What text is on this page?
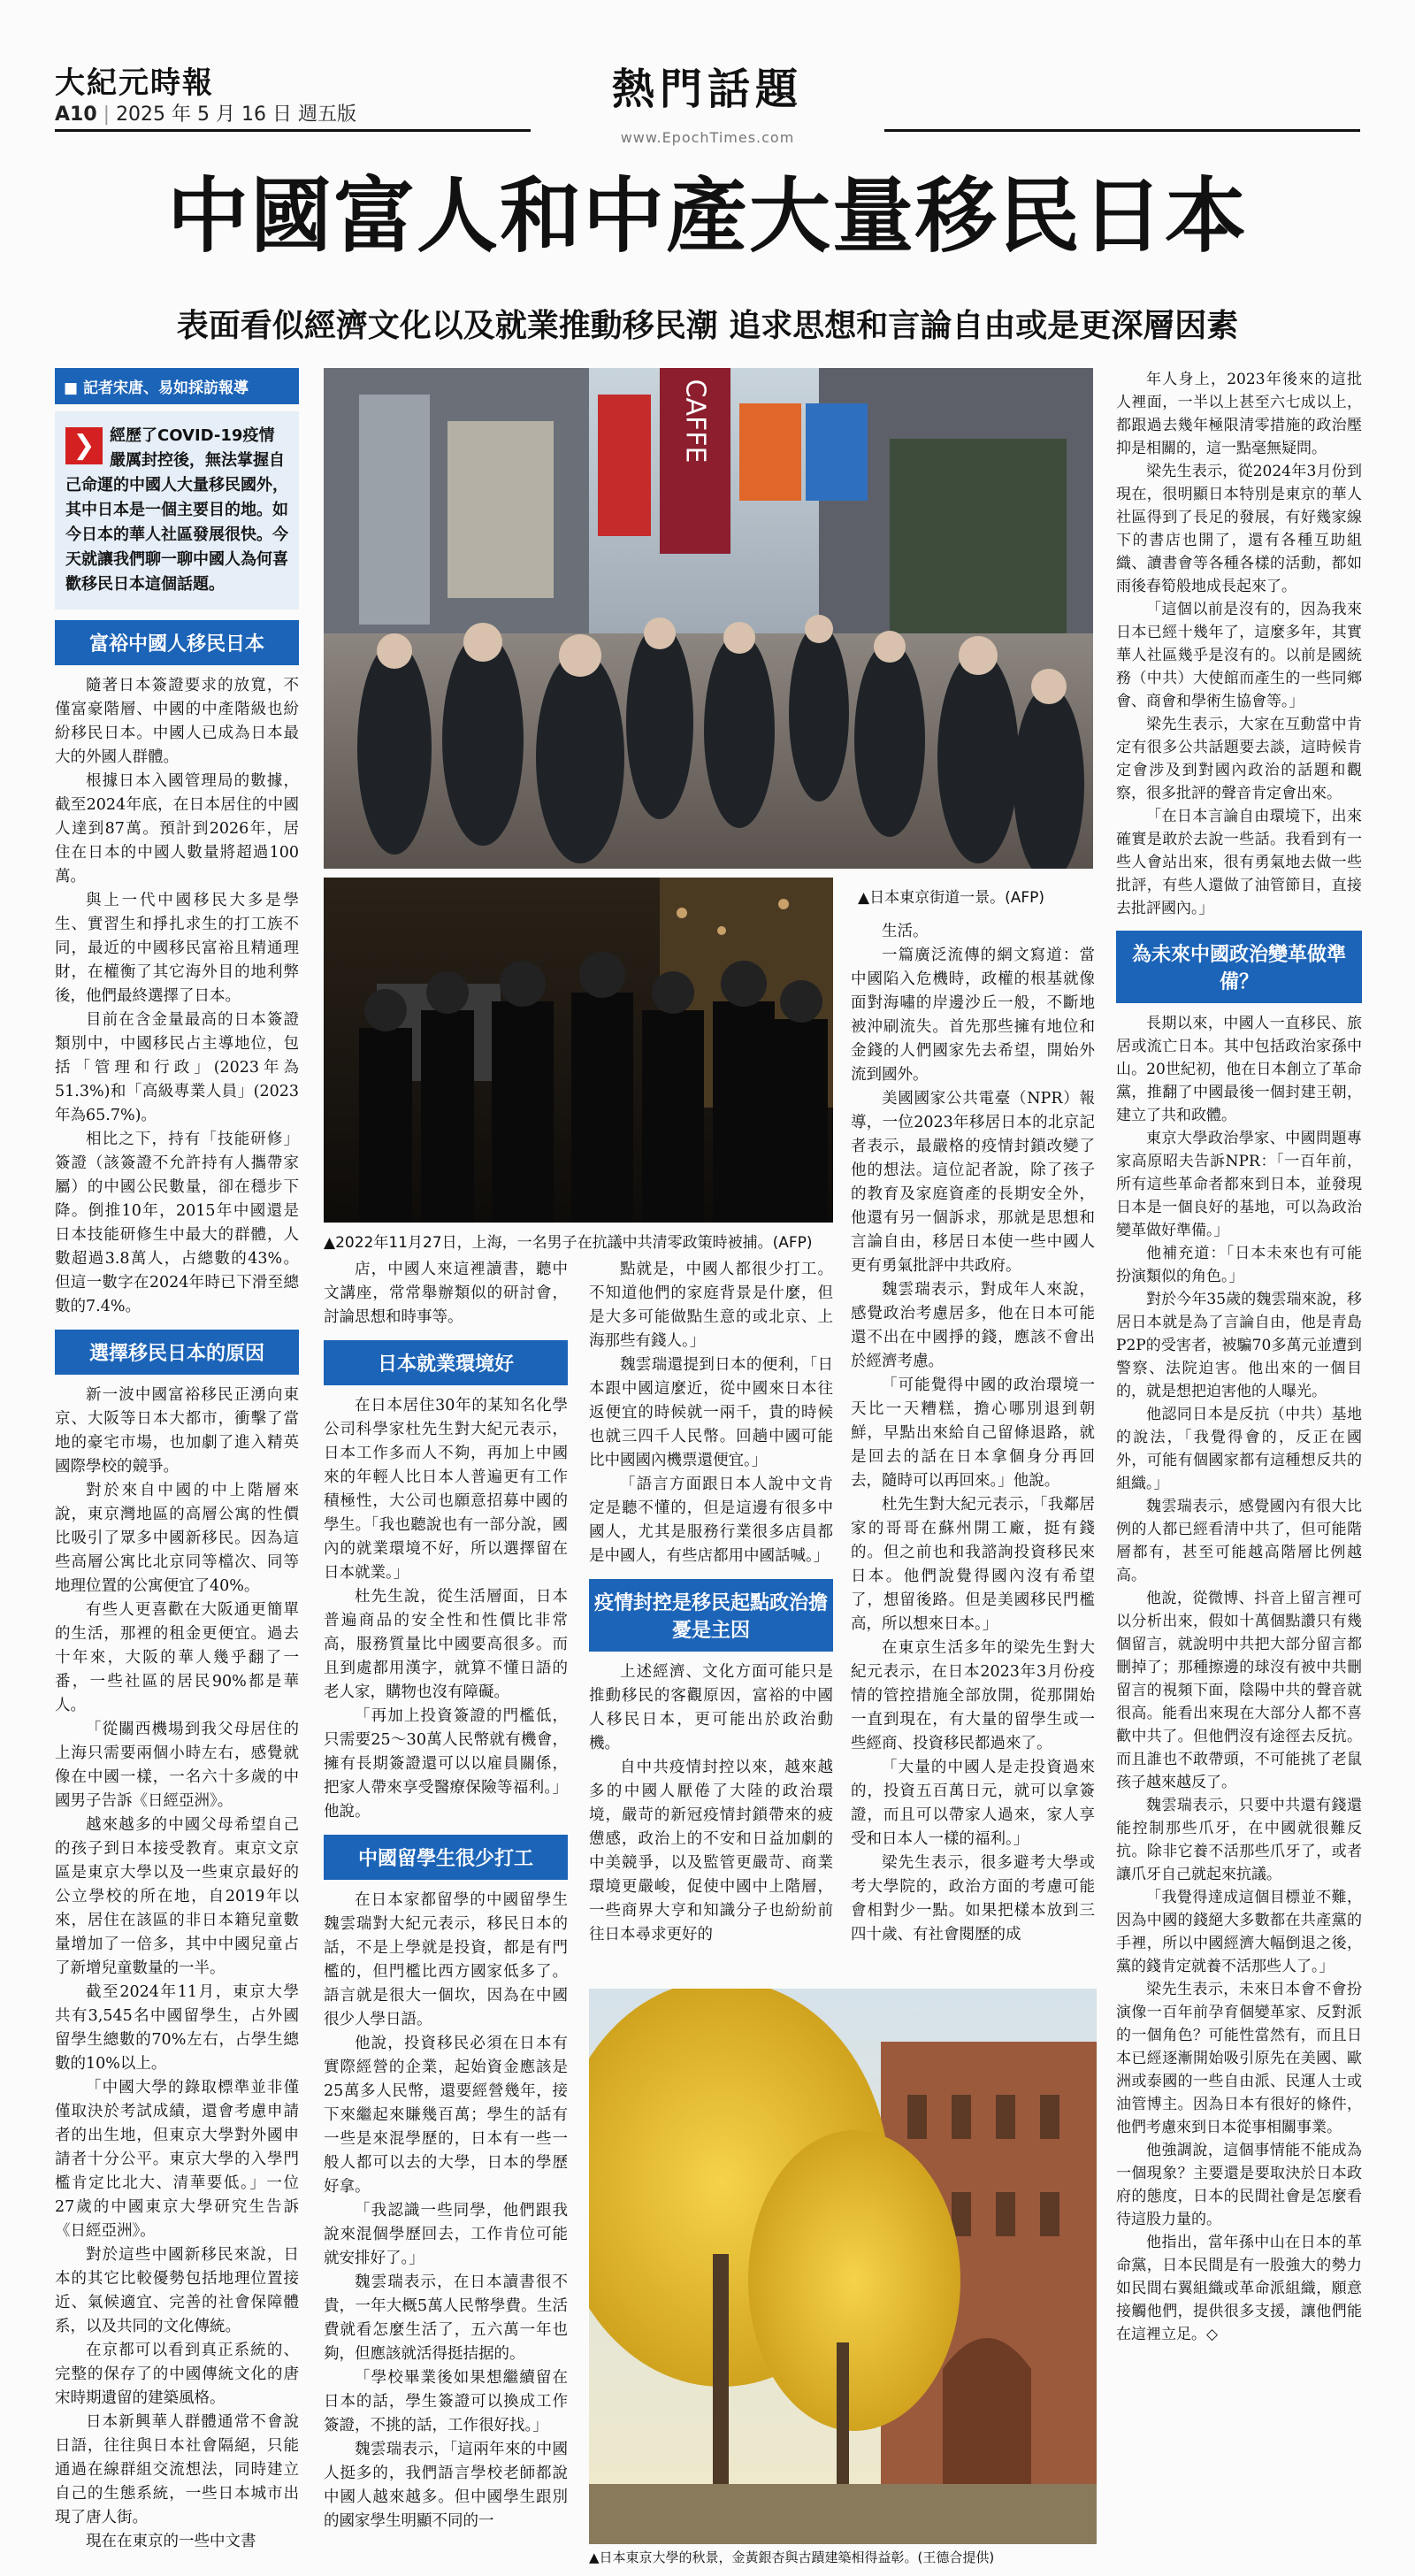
大紀元時報
A10 | 2025 年 5 月 16 日 週五版
熱門話題
www.EpochTimes.com
中國富人和中產大量移民日本
表面看似經濟文化以及就業推動移民潮 追求思想和言論自由或是更深層因素
■ 記者宋唐、易如採訪報導
❯ 經歷了COVID-19疫情嚴厲封控後，無法掌握自己命運的中國人大量移民國外，其中日本是一個主要目的地。如今日本的華人社區發展很快。今天就讓我們聊一聊中國人為何喜歡移民日本這個話題。
富裕中國人移民日本

隨著日本簽證要求的放寬，不僅富豪階層、中國的中產階級也紛紛移民日本。中國人已成為日本最大的外國人群體。

根據日本入國管理局的數據，截至2024年底，在日本居住的中國人達到87萬。預計到2026年，居住在日本的中國人數量將超過100萬。

與上一代中國移民大多是學生、實習生和掙扎求生的打工族不同，最近的中國移民富裕且精通理財，在權衡了其它海外目的地利弊後，他們最終選擇了日本。

目前在含金量最高的日本簽證類別中，中國移民占主導地位，包括「管理和行政」(2023年為51.3%)和「高級專業人員」(2023年為65.7%)。

相比之下，持有「技能研修」簽證（該簽證不允許持有人攜帶家屬）的中國公民數量，卻在穩步下降。倒推10年，2015年中國還是日本技能研修生中最大的群體，人數超過3.8萬人，占總數的43%。但這一數字在2024年時已下滑至總數的7.4%。

選擇移民日本的原因

新一波中國富裕移民正湧向東京、大阪等日本大都市，衝擊了當地的豪宅市場，也加劇了進入精英國際學校的競爭。

對於來自中國的中上階層來說，東京灣地區的高層公寓的性價比吸引了眾多中國新移民。因為這些高層公寓比北京同等檔次、同等地理位置的公寓便宜了40%。

有些人更喜歡在大阪通更簡單的生活，那裡的租金更便宜。過去十年來，大阪的華人幾乎翻了一番，一些社區的居民90%都是華人。

「從關西機場到我父母居住的上海只需要兩個小時左右，感覺就像在中國一樣，一名六十多歲的中國男子告訴《日經亞洲》。

越來越多的中國父母希望自己的孩子到日本接受教育。東京文京區是東京大學以及一些東京最好的公立學校的所在地，自2019年以來，居住在該區的非日本籍兒童數量增加了一倍多，其中中國兒童占了新增兒童數量的一半。

截至2024年11月，東京大學共有3,545名中國留學生，占外國留學生總數的70%左右，占學生總數的10%以上。

「中國大學的錄取標準並非僅僅取決於考試成績，還會考慮申請者的出生地，但東京大學對外國申請者十分公平。東京大學的入學門檻肯定比北大、清華要低。」一位27歲的中國東京大學研究生告訴《日經亞洲》。

對於這些中國新移民來說，日本的其它比較優勢包括地理位置接近、氣候適宜、完善的社會保障體系，以及共同的文化傳統。

在京都可以看到真正系統的、完整的保存了的中國傳統文化的唐宋時期遺留的建築風格。

日本新興華人群體通常不會說日語，往往與日本社會隔絕，只能通過在線群組交流想法，同時建立自己的生態系統，一些日本城市出現了唐人街。

現在在東京的一些中文書

CAFFE
▲日本東京街道一景。(AFP)
▲2022年11月27日，上海，一名男子在抗議中共清零政策時被捕。(AFP)

店，中國人來這裡讀書，聽中文講座，常常舉辦類似的研討會，討論思想和時事等。

日本就業環境好

在日本居住30年的某知名化學公司科學家杜先生對大紀元表示，日本工作多而人不夠，再加上中國來的年輕人比日本人普遍更有工作積極性，大公司也願意招募中國的學生。「我也聽說也有一部分說，國內的就業環境不好，所以選擇留在日本就業。」

杜先生說，從生活層面，日本普遍商品的安全性和性價比非常高，服務質量比中國要高很多。而且到處都用漢字，就算不懂日語的老人家，購物也沒有障礙。

「再加上投資簽證的門檻低，只需要25～30萬人民幣就有機會，擁有長期簽證還可以以雇員關係，把家人帶來享受醫療保險等福利。」他說。

中國留學生很少打工

在日本家都留學的中國留學生魏雲瑞對大紀元表示，移民日本的話，不是上學就是投資，都是有門檻的，但門檻比西方國家低多了。語言就是很大一個坎，因為在中國很少人學日語。

他說，投資移民必須在日本有實際經營的企業，起始資金應該是25萬多人民幣，還要經營幾年，接下來繼起來賺幾百萬；學生的話有一些是來混學歷的，日本有一些一般人都可以去的大學，日本的學歷好拿。

「我認識一些同學，他們跟我說來混個學歷回去，工作肯位可能就安排好了。」

魏雲瑞表示，在日本讀書很不貴，一年大概5萬人民幣學費。生活費就看怎麼生活了，五六萬一年也夠，但應該就活得挺拮据的。

「學校畢業後如果想繼續留在日本的話，學生簽證可以換成工作簽證，不挑的話，工作很好找。」

魏雲瑞表示，「這兩年來的中國人挺多的，我們語言學校老師都說中國人越來越多。但中國學生跟別的國家學生明顯不同的一

點就是，中國人都很少打工。不知道他們的家庭背景是什麼，但是大多可能做點生意的或北京、上海那些有錢人。」

魏雲瑞還提到日本的便利，「日本跟中國這麼近，從中國來日本往返便宜的時候就一兩千，貴的時候也就三四千人民幣。回趟中國可能比中國國內機票還便宜。」

「語言方面跟日本人說中文肯定是聽不懂的，但是這邊有很多中國人，尤其是服務行業很多店員都是中國人，有些店都用中國話喊。」

疫情封控是移民起點政治擔憂是主因

上述經濟、文化方面可能只是推動移民的客觀原因，富裕的中國人移民日本，更可能出於政治動機。

自中共疫情封控以來，越來越多的中國人厭倦了大陸的政治環境，嚴苛的新冠疫情封鎖帶來的疲憊感，政治上的不安和日益加劇的中美競爭，以及監管更嚴苛、商業環境更嚴峻，促使中國中上階層，一些商界大亨和知識分子也紛紛前往日本尋求更好的

生活。

一篇廣泛流傳的網文寫道：當中國陷入危機時，政權的根基就像面對海嘯的岸邊沙丘一般，不斷地被沖刷流失。首先那些擁有地位和金錢的人們國家先去希望，開始外流到國外。

美國國家公共電臺（NPR）報導，一位2023年移居日本的北京記者表示，最嚴格的疫情封鎖改變了他的想法。這位記者說，除了孩子的教育及家庭資產的長期安全外，他還有另一個訴求，那就是思想和言論自由，移居日本使一些中國人更有勇氣批評中共政府。

魏雲瑞表示，對成年人來說，感覺政治考慮居多，他在日本可能還不出在中國掙的錢，應該不會出於經濟考慮。

「可能覺得中國的政治環境一天比一天糟糕，擔心哪別退到朝鮮，早點出來給自己留條退路，就是回去的話在日本拿個身分再回去，隨時可以再回來。」他說。

杜先生對大紀元表示，「我鄰居家的哥哥在蘇州開工廠，挺有錢的。但之前也和我諮詢投資移民來日本。他們說覺得國內沒有希望了，想留後路。但是美國移民門檻高，所以想來日本。」

在東京生活多年的梁先生對大紀元表示，在日本2023年3月份疫情的管控措施全部放開，從那開始一直到現在，有大量的留學生或一些經商、投資移民都過來了。

「大量的中國人是走投資過來的，投資五百萬日元，就可以拿簽證，而且可以帶家人過來，家人享受和日本人一樣的福利。」

梁先生表示，很多避考大學或考大學院的，政治方面的考慮可能會相對少一點。如果把樣本放到三四十歲、有社會閱歷的成

▲日本東京大學的秋景，金黃銀杏與古蹟建築相得益彰。(王德合提供)

年人身上，2023年後來的這批人裡面，一半以上甚至六七成以上，都跟過去幾年極限清零措施的政治壓抑是相關的，這一點毫無疑問。

梁先生表示，從2024年3月份到現在，很明顯日本特別是東京的華人社區得到了長足的發展，有好幾家線下的書店也開了，還有各種互助組織、讀書會等各種各樣的活動，都如雨後春筍般地成長起來了。

「這個以前是沒有的，因為我來日本已經十幾年了，這麼多年，其實華人社區幾乎是沒有的。以前是國統務（中共）大使館而產生的一些同鄉會、商會和學術生協會等。」

梁先生表示，大家在互動當中肯定有很多公共話題要去談，這時候肯定會涉及到對國內政治的話題和觀察，很多批評的聲音肯定會出來。

「在日本言論自由環境下，出來確實是敢於去說一些話。我看到有一些人會站出來，很有勇氣地去做一些批評，有些人還做了油管節目，直接去批評國內。」

為未來中國政治變革做準備？

長期以來，中國人一直移民、旅居或流亡日本。其中包括政治家孫中山。20世紀初，他在日本創立了革命黨，推翻了中國最後一個封建王朝，建立了共和政體。

東京大學政治學家、中國問題專家高原昭夫告訴NPR：「一百年前，所有這些革命者都來到日本，並發現日本是一個良好的基地，可以為政治變革做好準備。」

他補充道：「日本未來也有可能扮演類似的角色。」

對於今年35歲的魏雲瑞來說，移居日本就是為了言論自由，他是青島P2P的受害者，被騙70多萬元並遭到警察、法院迫害。他出來的一個目的，就是想把迫害他的人曝光。

他認同日本是反抗（中共）基地的說法，「我覺得會的，反正在國外，可能有個國家都有這種想反共的組織。」

魏雲瑞表示，感覺國內有很大比例的人都已經看清中共了，但可能階層都有，甚至可能越高階層比例越高。

他說，從微博、抖音上留言裡可以分析出來，假如十萬個點讚只有幾個留言，就說明中共把大部分留言都刪掉了；那種擦邊的球沒有被中共刪留言的視頻下面，陰陽中共的聲音就很高。能看出來現在大部分人都不喜歡中共了。但他們沒有途徑去反抗。而且誰也不敢帶頭，不可能挑了老鼠孩子越來越反了。

魏雲瑞表示，只要中共還有錢還能控制那些爪牙，在中國就很難反抗。除非它養不活那些爪牙了，或者讓爪牙自己就起來抗議。

「我覺得達成這個目標並不難，因為中國的錢絕大多數都在共產黨的手裡，所以中國經濟大幅倒退之後，黨的錢肯定就養不活那些人了。」

梁先生表示，未來日本會不會扮演像一百年前孕育個變革家、反對派的一個角色？可能性當然有，而且日本已經逐漸開始吸引原先在美國、歐洲或泰國的一些自由派、民運人士或油管博主。因為日本有很好的條件，他們考慮來到日本從事相關事業。

他強調說，這個事情能不能成為一個現象？主要還是要取決於日本政府的態度，日本的民間社會是怎麼看待這股力量的。

他指出，當年孫中山在日本的革命黨，日本民間是有一股強大的勢力如民間右翼組織或革命派組織，願意接觸他們，提供很多支援，讓他們能在這裡立足。◇
